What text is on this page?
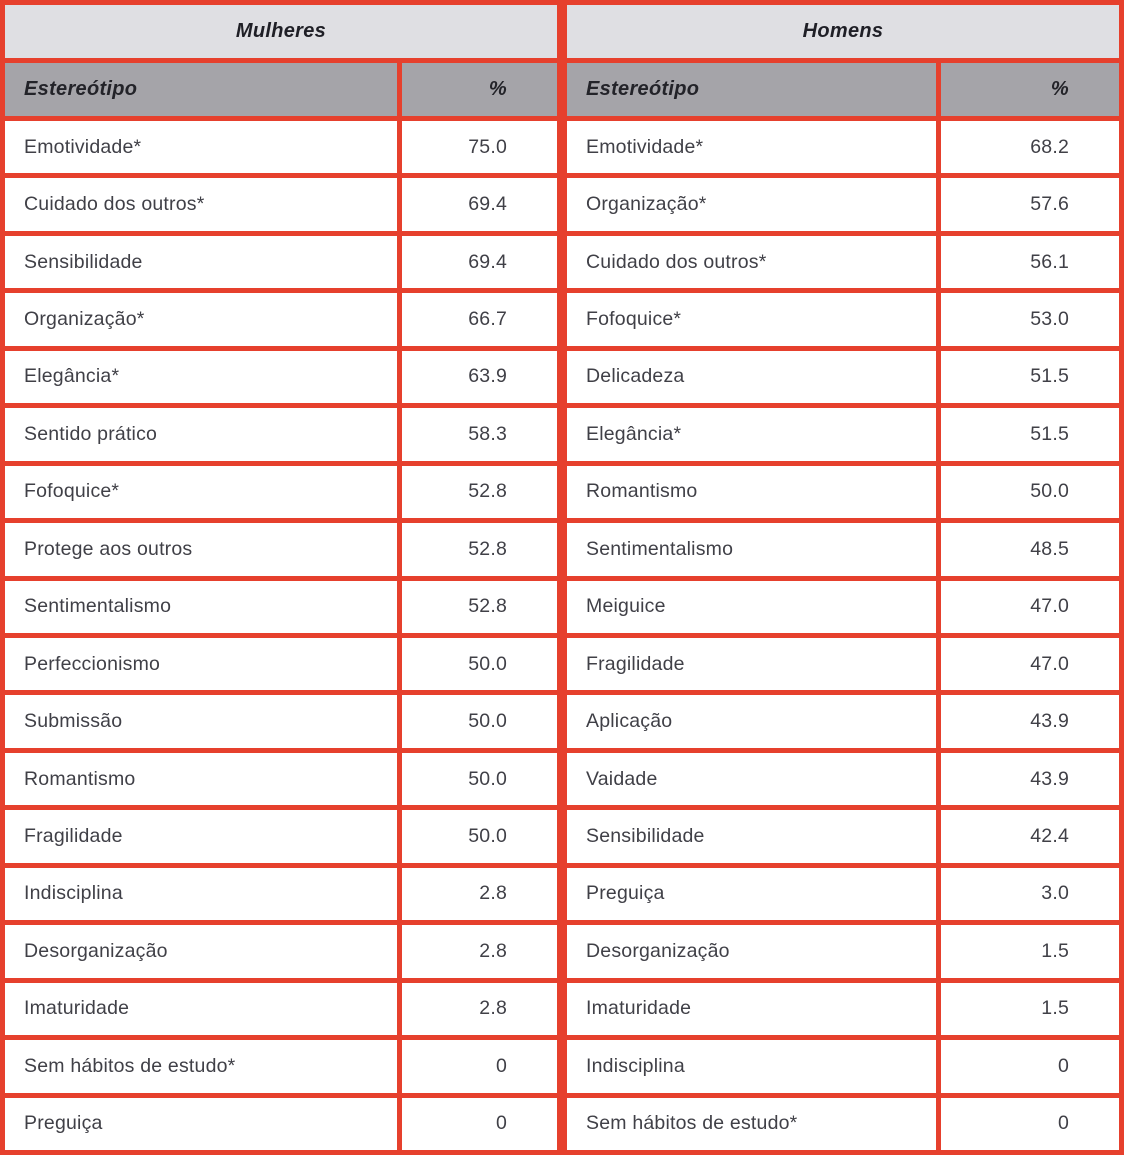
Mulheres
Estereótipo	%
Emotividade*	75.0
Cuidado dos outros*	69.4
Sensibilidade	69.4
Organização*	66.7
Elegância*	63.9
Sentido prático	58.3
Fofoquice*	52.8
Protege aos outros	52.8
Sentimentalismo	52.8
Perfeccionismo	50.0
Submissão	50.0
Romantismo	50.0
Fragilidade	50.0
Indisciplina	2.8
Desorganização	2.8
Imaturidade	2.8
Sem hábitos de estudo*	0
Preguiça	0
Homens
Estereótipo	%
Emotividade*	68.2
Organização*	57.6
Cuidado dos outros*	56.1
Fofoquice*	53.0
Delicadeza	51.5
Elegância*	51.5
Romantismo	50.0
Sentimentalismo	48.5
Meiguice	47.0
Fragilidade	47.0
Aplicação	43.9
Vaidade	43.9
Sensibilidade	42.4
Preguiça	3.0
Desorganização	1.5
Imaturidade	1.5
Indisciplina	0
Sem hábitos de estudo*	0
